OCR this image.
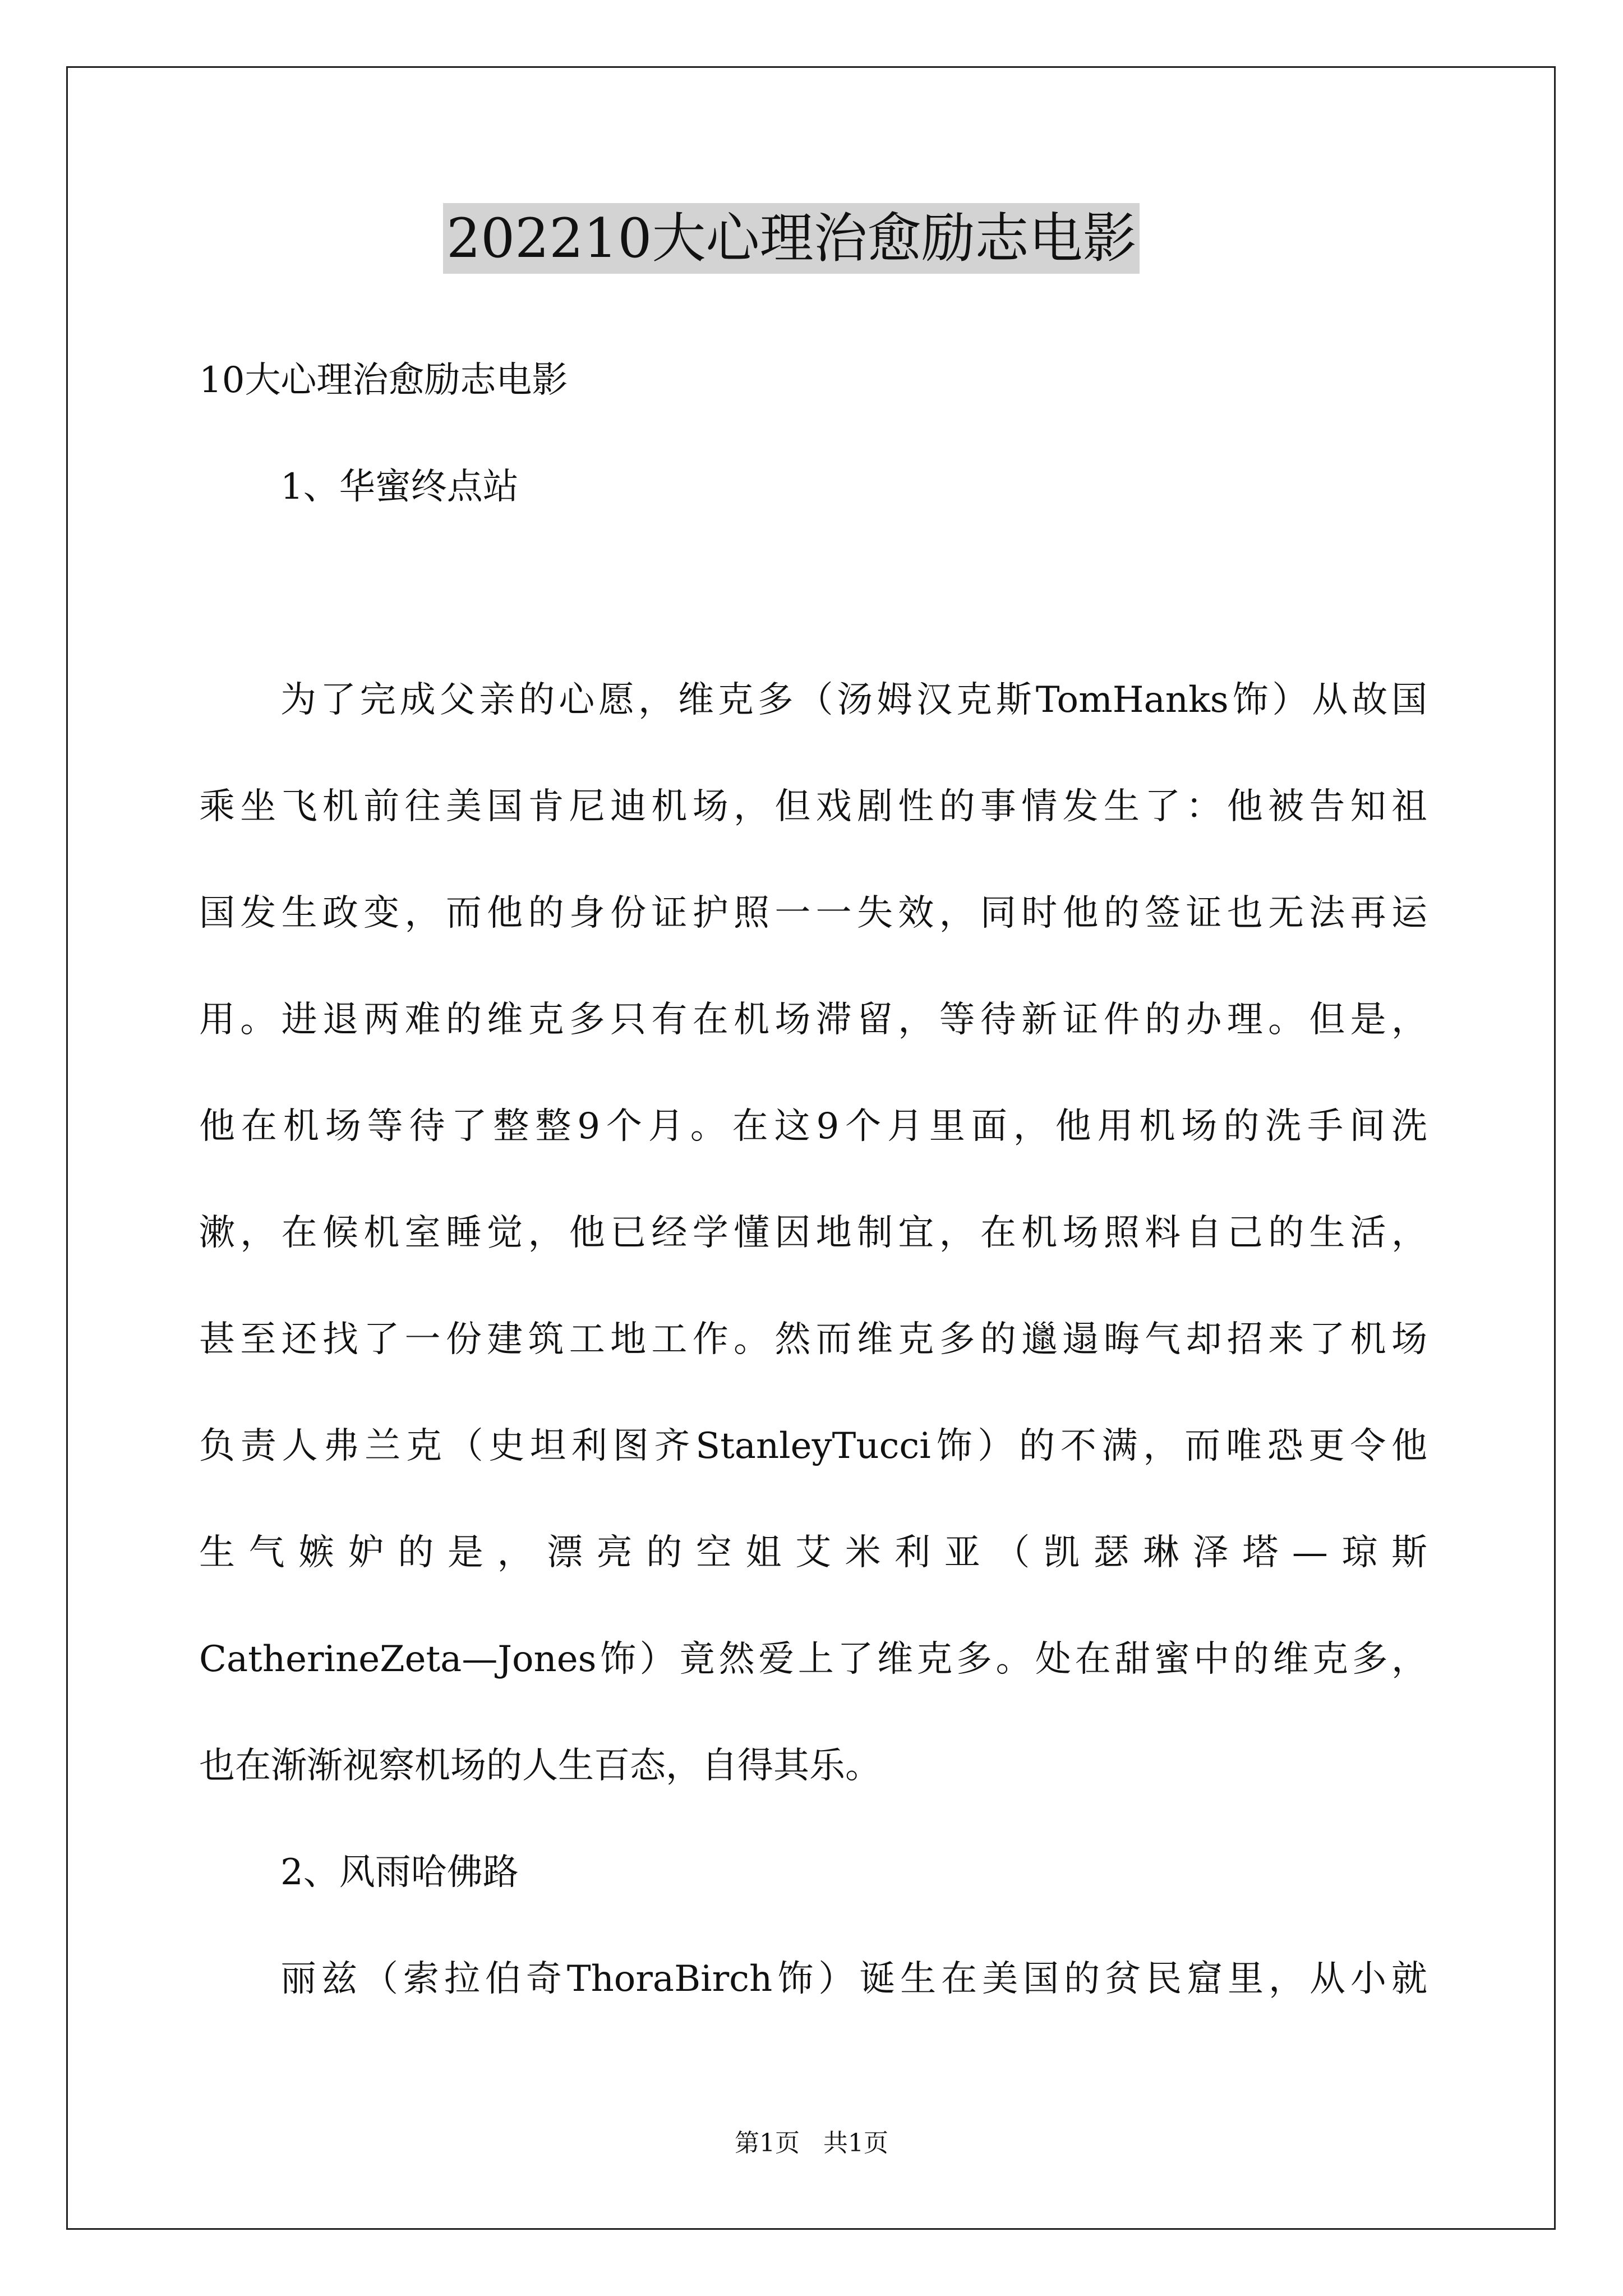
202210大心理治愈励志电影
10大心理治愈励志电影
1、华蜜终点站
为了完成父亲的心愿，维克多（汤姆汉克斯TomHanks饰）从故国
乘坐飞机前往美国肯尼迪机场，但戏剧性的事情发生了：他被告知祖
国发生政变，而他的身份证护照一一失效，同时他的签证也无法再运
用。进退两难的维克多只有在机场滞留，等待新证件的办理。但是，
他在机场等待了整整9个月。在这9个月里面，他用机场的洗手间洗
漱，在候机室睡觉，他已经学懂因地制宜，在机场照料自己的生活，
甚至还找了一份建筑工地工作。然而维克多的邋遢晦气却招来了机场
负责人弗兰克（史坦利图齐StanleyTucci饰）的不满，而唯恐更令他
生气嫉妒的是，漂亮的空姐艾米利亚（凯瑟琳泽塔—琼斯
CatherineZeta—Jones饰）竟然爱上了维克多。处在甜蜜中的维克多，
也在渐渐视察机场的人生百态，自得其乐。
2、风雨哈佛路
丽兹（索拉伯奇ThoraBirch饰）诞生在美国的贫民窟里，从小就
第1页   共1页
